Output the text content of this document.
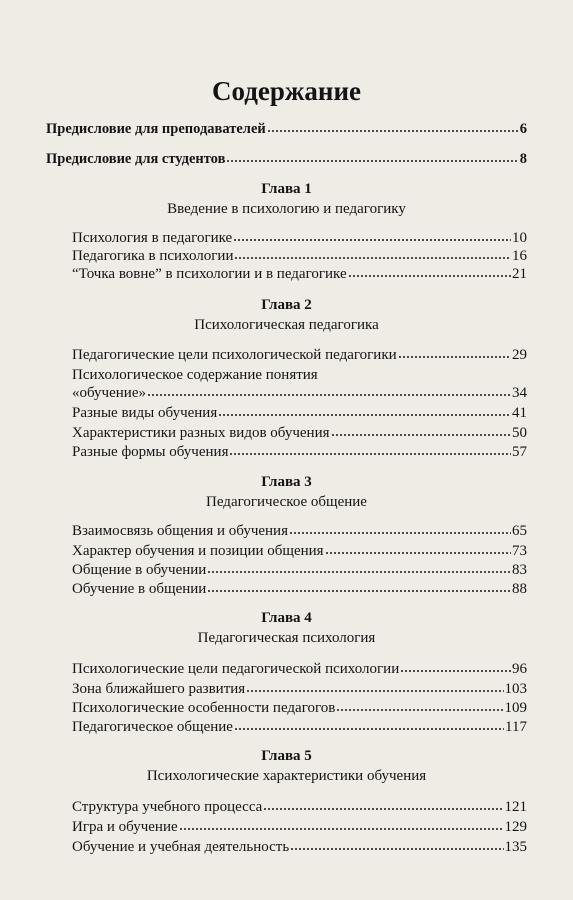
Содержание
Предисловие для преподавателей	6
Предисловие для студентов	8
Глава 1
Введение в психологию и педагогику
Психология в педагогике	10
Педагогика в психологии	16
“Точка вовне” в психологии и в педагогике	21
Глава 2
Психологическая педагогика
Педагогические цели психологической педагогики	29
Психологическое содержание понятия
«обучение»	34
Разные виды обучения	41
Характеристики разных видов обучения	50
Разные формы обучения	57
Глава 3
Педагогическое общение
Взаимосвязь общения и обучения	65
Характер обучения и позиции общения	73
Общение в обучении	83
Обучение в общении	88
Глава 4
Педагогическая психология
Психологические цели педагогической психологии	96
Зона ближайшего развития	103
Психологические особенности педагогов	109
Педагогическое общение	117
Глава 5
Психологические характеристики обучения
Структура учебного процесса	121
Игра и обучение	129
Обучение и учебная деятельность	135
